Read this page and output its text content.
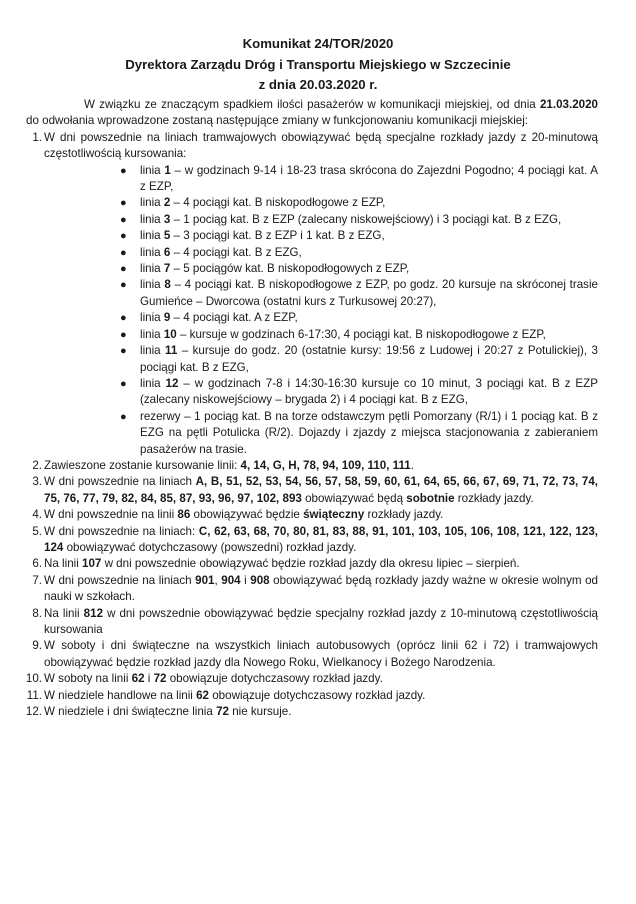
Komunikat 24/TOR/2020
Dyrektora Zarządu Dróg i Transportu Miejskiego w Szczecinie
z dnia 20.03.2020 r.

W związku ze znaczącym spadkiem ilości pasażerów w komunikacji miejskiej, od dnia 21.03.2020 do odwołania wprowadzone zostaną następujące zmiany w funkcjonowaniu komunikacji miejskiej:

1. W dni powszednie na liniach tramwajowych obowiązywać będą specjalne rozkłady jazdy z 20-minutową częstotliwością kursowania:
● linia 1 – w godzinach 9-14 i 18-23 trasa skrócona do Zajezdni Pogodno; 4 pociągi kat. A z EZP,
● linia 2 – 4 pociągi kat. B niskopodłogowe z EZP,
● linia 3 – 1 pociąg kat. B z EZP (zalecany niskowejściowy) i 3 pociągi kat. B z EZG,
● linia 5 – 3 pociągi kat. B z EZP i 1 kat. B z EZG,
● linia 6 – 4 pociągi kat. B z EZG,
● linia 7 – 5 pociągów kat. B niskopodłogowych z EZP,
● linia 8 – 4 pociągi kat. B niskopodłogowe z EZP, po godz. 20 kursuje na skróconej trasie Gumieńce – Dworcowa (ostatni kurs z Turkusowej 20:27),
● linia 9 – 4 pociągi kat. A z EZP,
● linia 10 – kursuje w godzinach 6-17:30, 4 pociągi kat. B niskopodłogowe z EZP,
● linia 11 – kursuje do godz. 20 (ostatnie kursy: 19:56 z Ludowej i 20:27 z Potulickiej), 3 pociągi kat. B z EZG,
● linia 12 – w godzinach 7-8 i 14:30-16:30 kursuje co 10 minut, 3 pociągi kat. B z EZP (zalecany niskowejściowy – brygada 2) i 4 pociągi kat. B z EZG,
● rezerwy – 1 pociąg kat. B na torze odstawczym pętli Pomorzany (R/1) i 1 pociąg kat. B z EZG na pętli Potulicka (R/2). Dojazdy i zjazdy z miejsca stacjonowania z zabieraniem pasażerów na trasie.
2. Zawieszone zostanie kursowanie linii: 4, 14, G, H, 78, 94, 109, 110, 111.
3. W dni powszednie na liniach A, B, 51, 52, 53, 54, 56, 57, 58, 59, 60, 61, 64, 65, 66, 67, 69, 71, 72, 73, 74, 75, 76, 77, 79, 82, 84, 85, 87, 93, 96, 97, 102, 893 obowiązywać będą sobotnie rozkłady jazdy.
4. W dni powszednie na linii 86 obowiązywać będzie świąteczny rozkłady jazdy.
5. W dni powszednie na liniach: C, 62, 63, 68, 70, 80, 81, 83, 88, 91, 101, 103, 105, 106, 108, 121, 122, 123, 124 obowiązywać dotychczasowy (powszedni) rozkład jazdy.
6. Na linii 107 w dni powszednie obowiązywać będzie rozkład jazdy dla okresu lipiec – sierpień.
7. W dni powszednie na liniach 901, 904 i 908 obowiązywać będą rozkłady jazdy ważne w okresie wolnym od nauki w szkołach.
8. Na linii 812 w dni powszednie obowiązywać będzie specjalny rozkład jazdy z 10-minutową częstotliwością kursowania
9. W soboty i dni świąteczne na wszystkich liniach autobusowych (oprócz linii 62 i 72) i tramwajowych obowiązywać będzie rozkład jazdy dla Nowego Roku, Wielkanocy i Bożego Narodzenia.
10. W soboty na linii 62 i 72 obowiązuje dotychczasowy rozkład jazdy.
11. W niedziele handlowe na linii 62 obowiązuje dotychczasowy rozkład jazdy.
12. W niedziele i dni świąteczne linia 72 nie kursuje.
